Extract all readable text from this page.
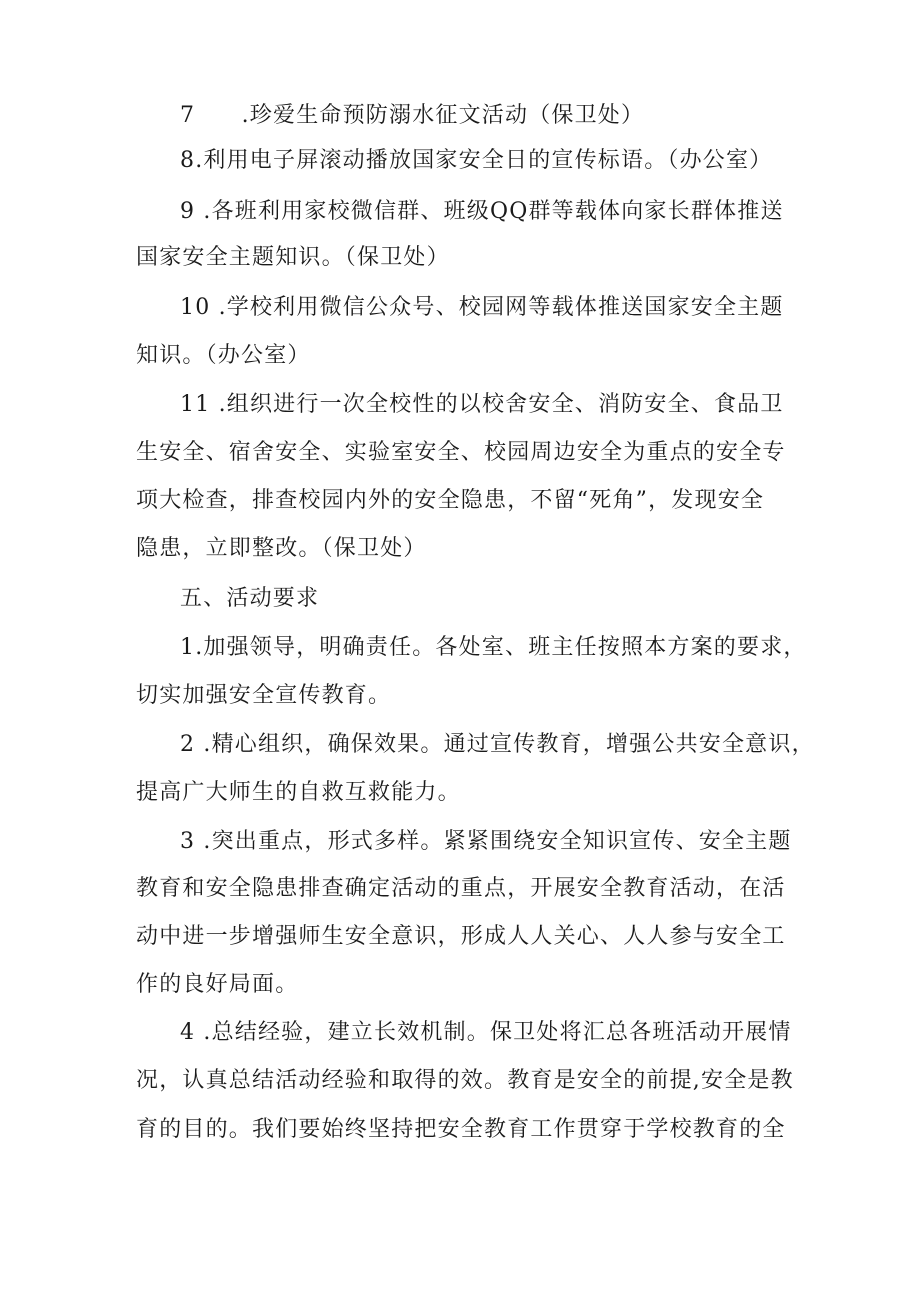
7　　.珍爱生命预防溺水征文活动（保卫处）

8.利用电子屏滚动播放国家安全日的宣传标语。（办公室）

9 .各班利用家校微信群、班级QQ群等载体向家长群体推送

国家安全主题知识。（保卫处）

10 .学校利用微信公众号、校园网等载体推送国家安全主题

知识。（办公室）

11 .组织进行一次全校性的以校舍安全、消防安全、食品卫

生安全、宿舍安全、实验室安全、校园周边安全为重点的安全专

项大检查，排查校园内外的安全隐患，不留“死角”，发现安全

隐患，立即整改。（保卫处）

五、活动要求

1.加强领导，明确责任。各处室、班主任按照本方案的要求，

切实加强安全宣传教育。

2 .精心组织，确保效果。通过宣传教育，增强公共安全意识，

提高广大师生的自救互救能力。

3 .突出重点，形式多样。紧紧围绕安全知识宣传、安全主题

教育和安全隐患排查确定活动的重点，开展安全教育活动，在活

动中进一步增强师生安全意识，形成人人关心、人人参与安全工

作的良好局面。

4 .总结经验，建立长效机制。保卫处将汇总各班活动开展情

况，认真总结活动经验和取得的效。教育是安全的前提,安全是教

育的目的。我们要始终坚持把安全教育工作贯穿于学校教育的全
